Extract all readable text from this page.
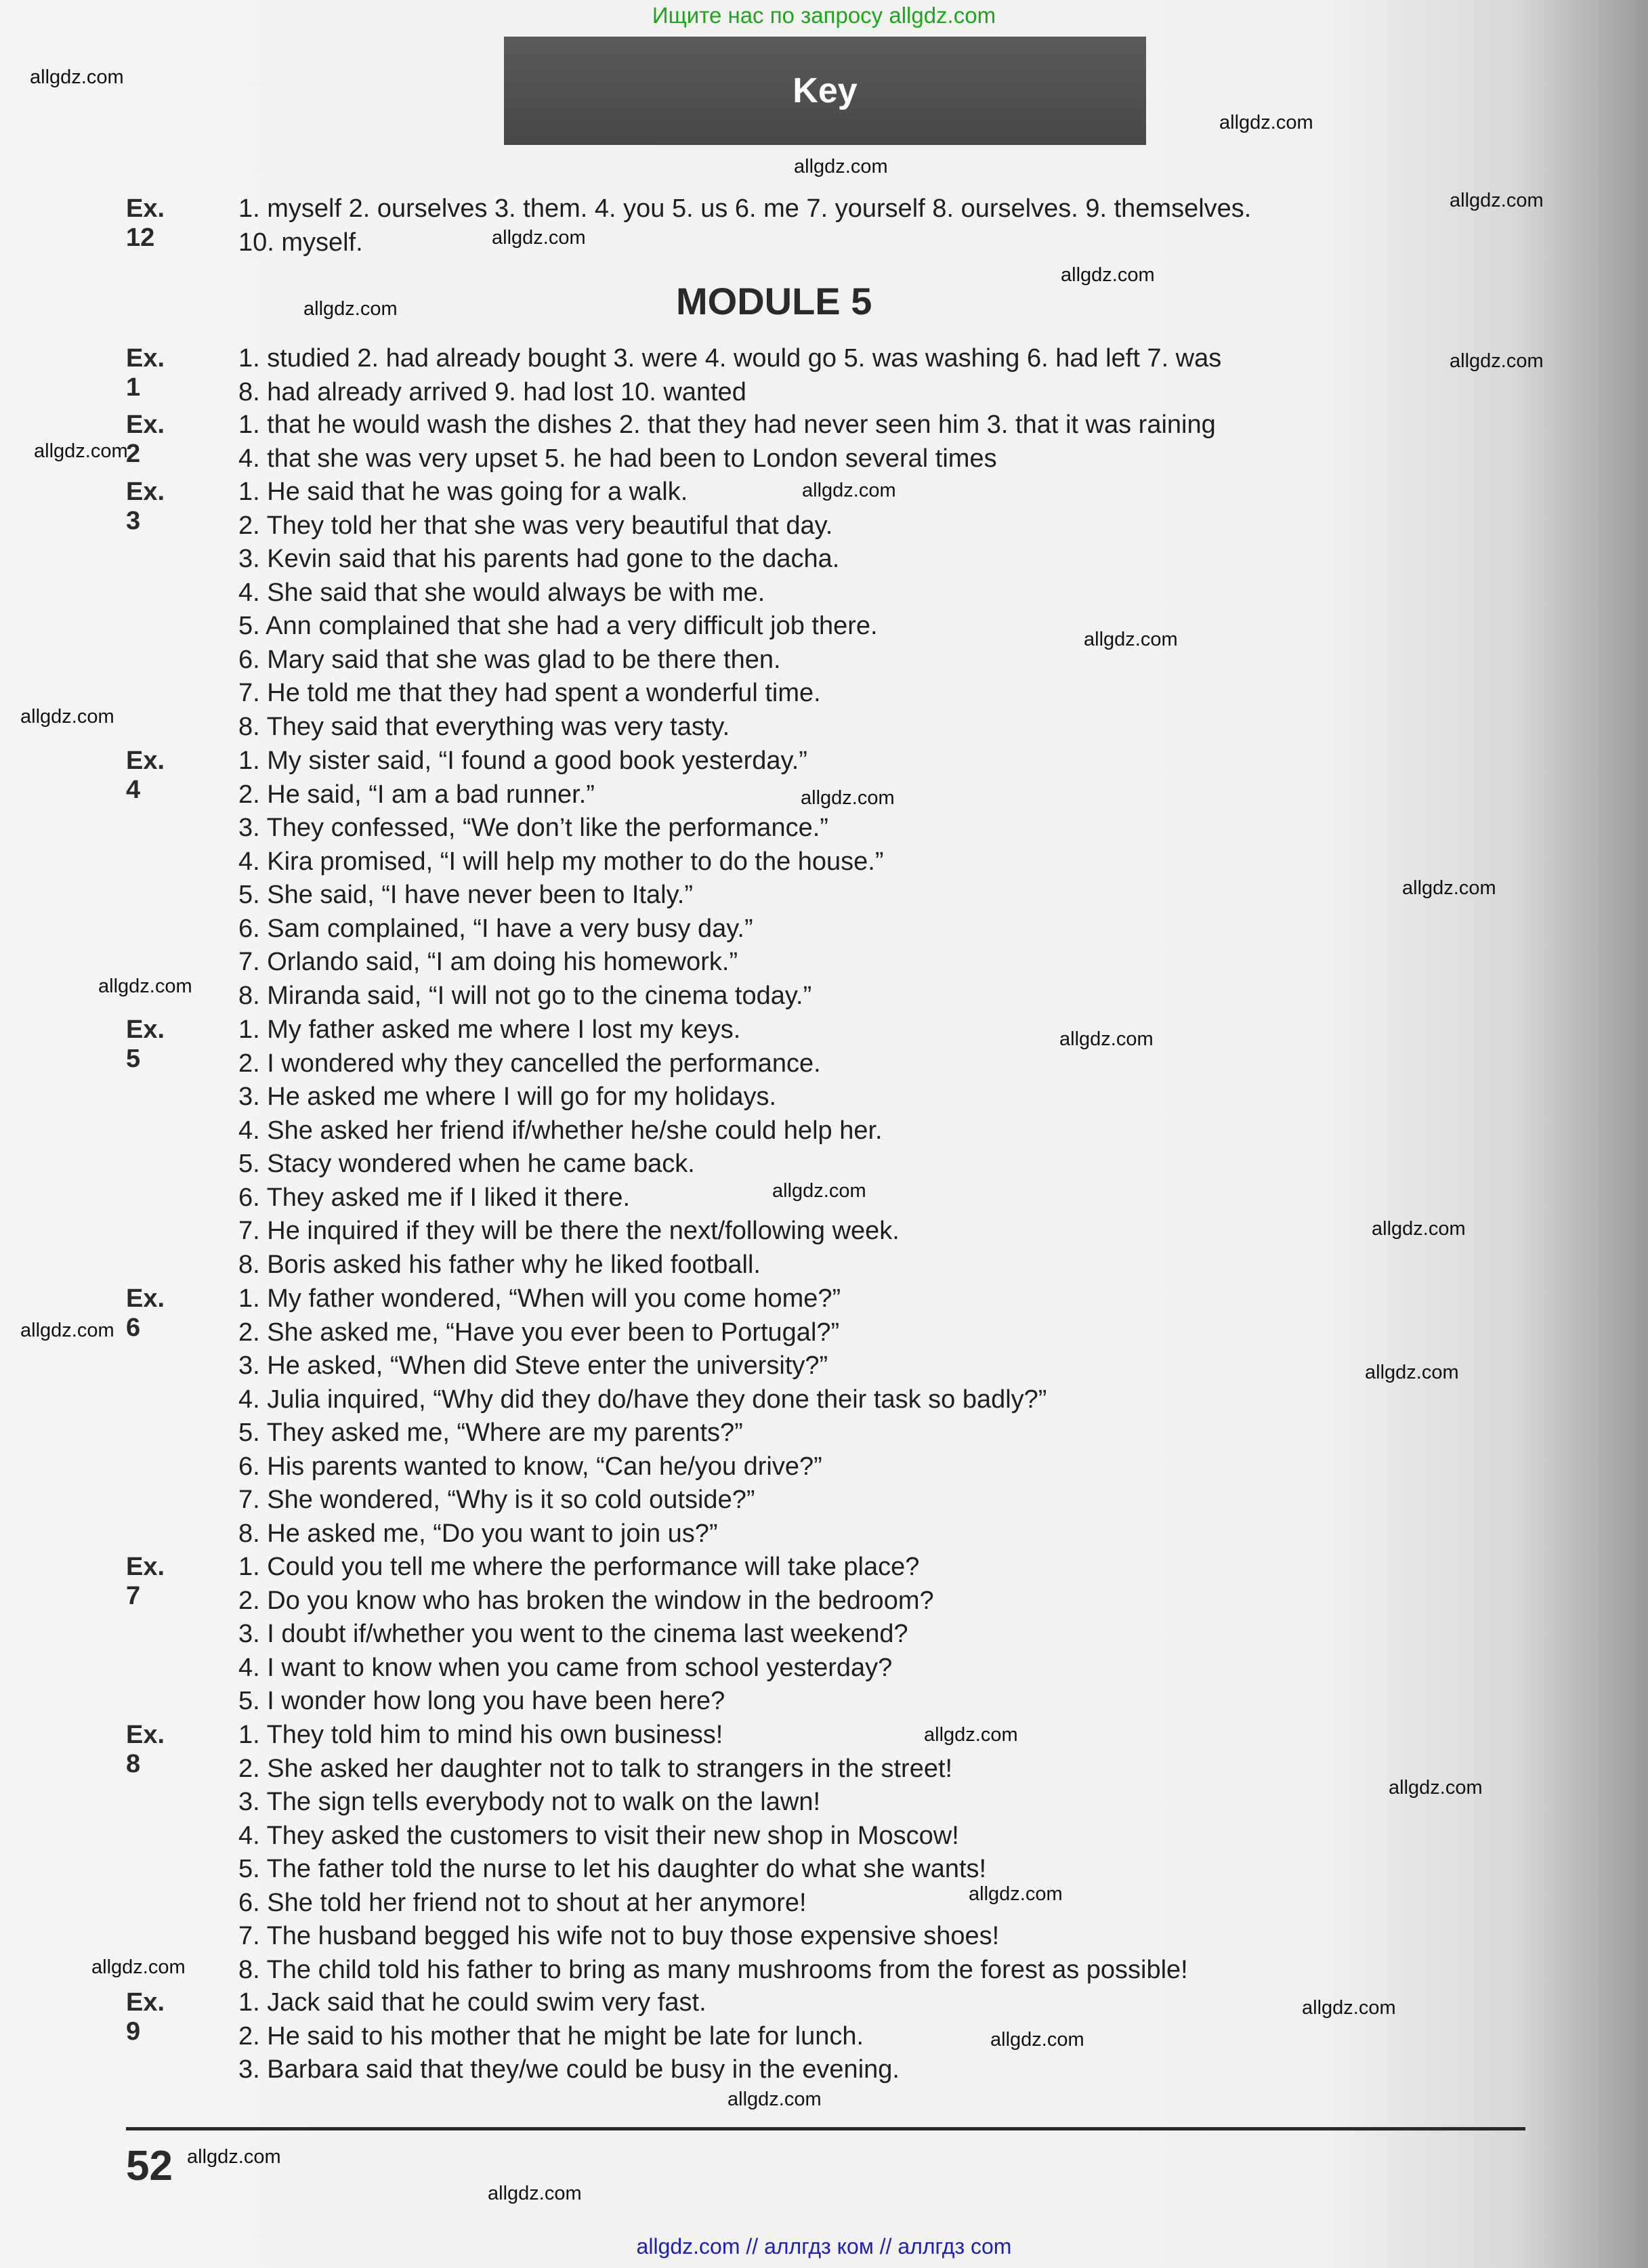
Ищите нас по запросу allgdz.com
Key
MODULE 5
Ex. 12
1. myself 2. ourselves 3. them. 4. you 5. us 6. me 7. yourself 8. ourselves. 9. themselves.
10. myself.
Ex. 1
1. studied 2. had already bought 3. were 4. would go 5. was washing 6. had left 7. was
8. had already arrived 9. had lost 10. wanted
Ex. 2
1. that he would wash the dishes 2. that they had never seen him 3. that it was raining
4. that she was very upset 5. he had been to London several times
Ex. 3
1. He said that he was going for a walk.
2. They told her that she was very beautiful that day.
3. Kevin said that his parents had gone to the dacha.
4. She said that she would always be with me.
5. Ann complained that she had a very difficult job there.
6. Mary said that she was glad to be there then.
7. He told me that they had spent a wonderful time.
8. They said that everything was very tasty.
Ex. 4
1. My sister said, “I found a good book yesterday.”
2. He said, “I am a bad runner.”
3. They confessed, “We don’t like the performance.”
4. Kira promised, “I will help my mother to do the house.”
5. She said, “I have never been to Italy.”
6. Sam complained, “I have a very busy day.”
7. Orlando said, “I am doing his homework.”
8. Miranda said, “I will not go to the cinema today.”
Ex. 5
1. My father asked me where I lost my keys.
2. I wondered why they cancelled the performance.
3. He asked me where I will go for my holidays.
4. She asked her friend if/whether he/she could help her.
5. Stacy wondered when he came back.
6. They asked me if I liked it there.
7. He inquired if they will be there the next/following week.
8. Boris asked his father why he liked football.
Ex. 6
1. My father wondered, “When will you come home?”
2. She asked me, “Have you ever been to Portugal?”
3. He asked, “When did Steve enter the university?”
4. Julia inquired, “Why did they do/have they done their task so badly?”
5. They asked me, “Where are my parents?”
6. His parents wanted to know, “Can he/you drive?”
7. She wondered, “Why is it so cold outside?”
8. He asked me, “Do you want to join us?”
Ex. 7
1. Could you tell me where the performance will take place?
2. Do you know who has broken the window in the bedroom?
3. I doubt if/whether you went to the cinema last weekend?
4. I want to know when you came from school yesterday?
5. I wonder how long you have been here?
Ex. 8
1. They told him to mind his own business!
2. She asked her daughter not to talk to strangers in the street!
3. The sign tells everybody not to walk on the lawn!
4. They asked the customers to visit their new shop in Moscow!
5. The father told the nurse to let his daughter do what she wants!
6. She told her friend not to shout at her anymore!
7. The husband begged his wife not to buy those expensive shoes!
8. The child told his father to bring as many mushrooms from the forest as possible!
Ex. 9
1. Jack said that he could swim very fast.
2. He said to his mother that he might be late for lunch.
3. Barbara said that they/we could be busy in the evening.
allgdz.com
allgdz.com
allgdz.com
allgdz.com
allgdz.com
allgdz.com
allgdz.com
allgdz.com
allgdz.com
allgdz.com
allgdz.com
allgdz.com
allgdz.com
allgdz.com
allgdz.com
allgdz.com
allgdz.com
allgdz.com
allgdz.com
allgdz.com
allgdz.com
allgdz.com
allgdz.com
allgdz.com
allgdz.com
allgdz.com
allgdz.com
allgdz.com
allgdz.com
52
allgdz.com // аллгдз ком // аллгдз com
